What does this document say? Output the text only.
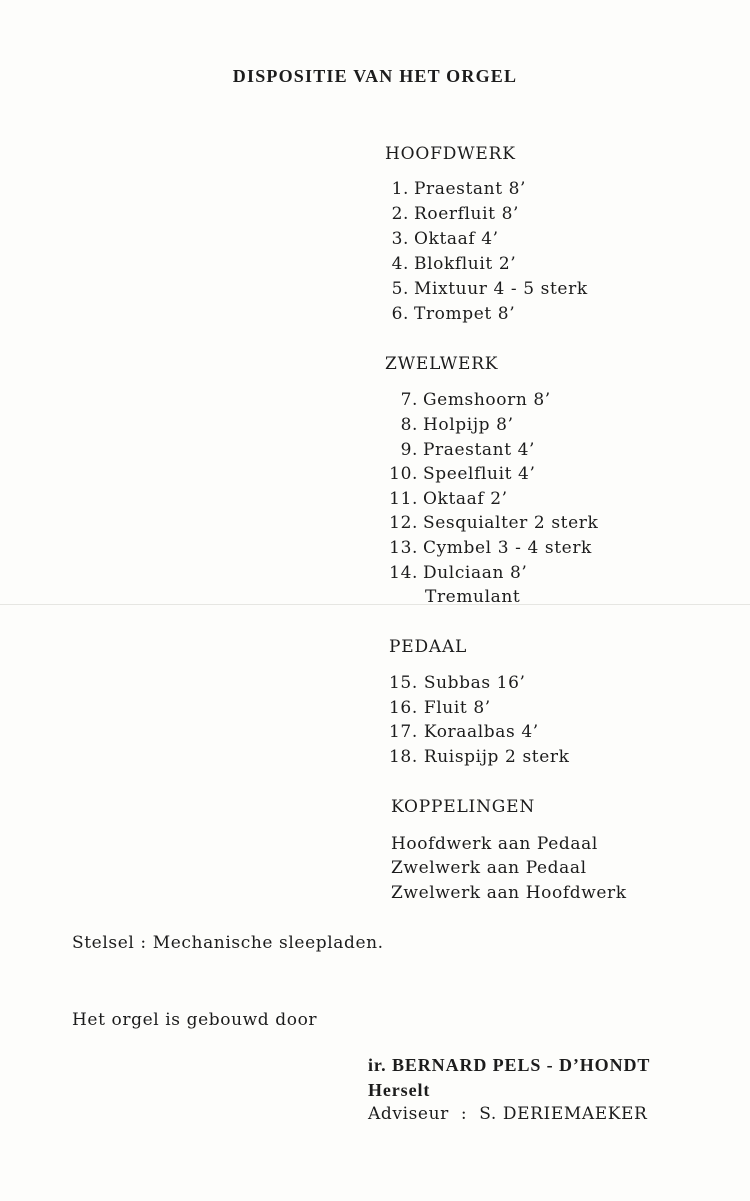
DISPOSITIE VAN HET ORGEL
HOOFDWERK
1. Praestant 8’
2. Roerfluit 8’
3. Oktaaf 4’
4. Blokfluit 2’
5. Mixtuur 4 - 5 sterk
6. Trompet 8’
ZWELWERK
7. Gemshoorn 8’
8. Holpijp 8’
9. Praestant 4’
10. Speelfluit 4’
11. Oktaaf 2’
12. Sesquialter 2 sterk
13. Cymbel 3 - 4 sterk
14. Dulciaan 8’
Tremulant
PEDAAL
15. Subbas 16’
16. Fluit 8’
17. Koraalbas 4’
18. Ruispijp 2 sterk
KOPPELINGEN
Hoofdwerk aan Pedaal
Zwelwerk aan Pedaal
Zwelwerk aan Hoofdwerk
Stelsel : Mechanische sleepladen.
Het orgel is gebouwd door
ir. BERNARD PELS - D’HONDT
Herselt
Adviseur : S. DERIEMAEKER
